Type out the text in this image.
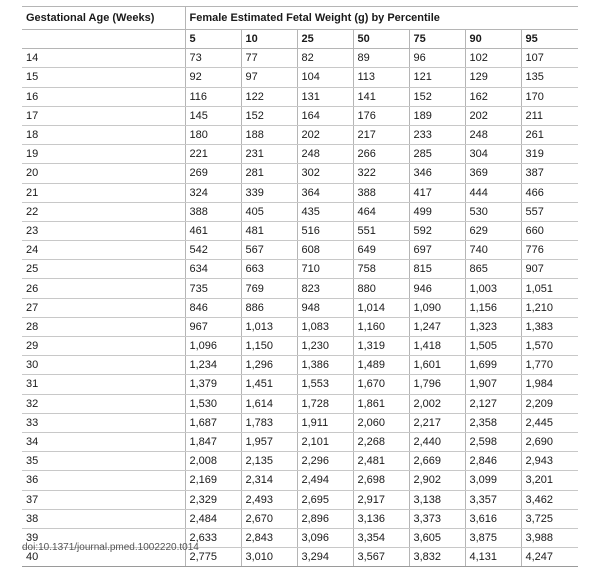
Gestational Age (Weeks)	Female Estimated Fetal Weight (g) by Percentile						
	5	10	25	50	75	90	95
14	73	77	82	89	96	102	107
15	92	97	104	113	121	129	135
16	116	122	131	141	152	162	170
17	145	152	164	176	189	202	211
18	180	188	202	217	233	248	261
19	221	231	248	266	285	304	319
20	269	281	302	322	346	369	387
21	324	339	364	388	417	444	466
22	388	405	435	464	499	530	557
23	461	481	516	551	592	629	660
24	542	567	608	649	697	740	776
25	634	663	710	758	815	865	907
26	735	769	823	880	946	1,003	1,051
27	846	886	948	1,014	1,090	1,156	1,210
28	967	1,013	1,083	1,160	1,247	1,323	1,383
29	1,096	1,150	1,230	1,319	1,418	1,505	1,570
30	1,234	1,296	1,386	1,489	1,601	1,699	1,770
31	1,379	1,451	1,553	1,670	1,796	1,907	1,984
32	1,530	1,614	1,728	1,861	2,002	2,127	2,209
33	1,687	1,783	1,911	2,060	2,217	2,358	2,445
34	1,847	1,957	2,101	2,268	2,440	2,598	2,690
35	2,008	2,135	2,296	2,481	2,669	2,846	2,943
36	2,169	2,314	2,494	2,698	2,902	3,099	3,201
37	2,329	2,493	2,695	2,917	3,138	3,357	3,462
38	2,484	2,670	2,896	3,136	3,373	3,616	3,725
39	2,633	2,843	3,096	3,354	3,605	3,875	3,988
40	2,775	3,010	3,294	3,567	3,832	4,131	4,247
doi:10.1371/journal.pmed.1002220.t014
